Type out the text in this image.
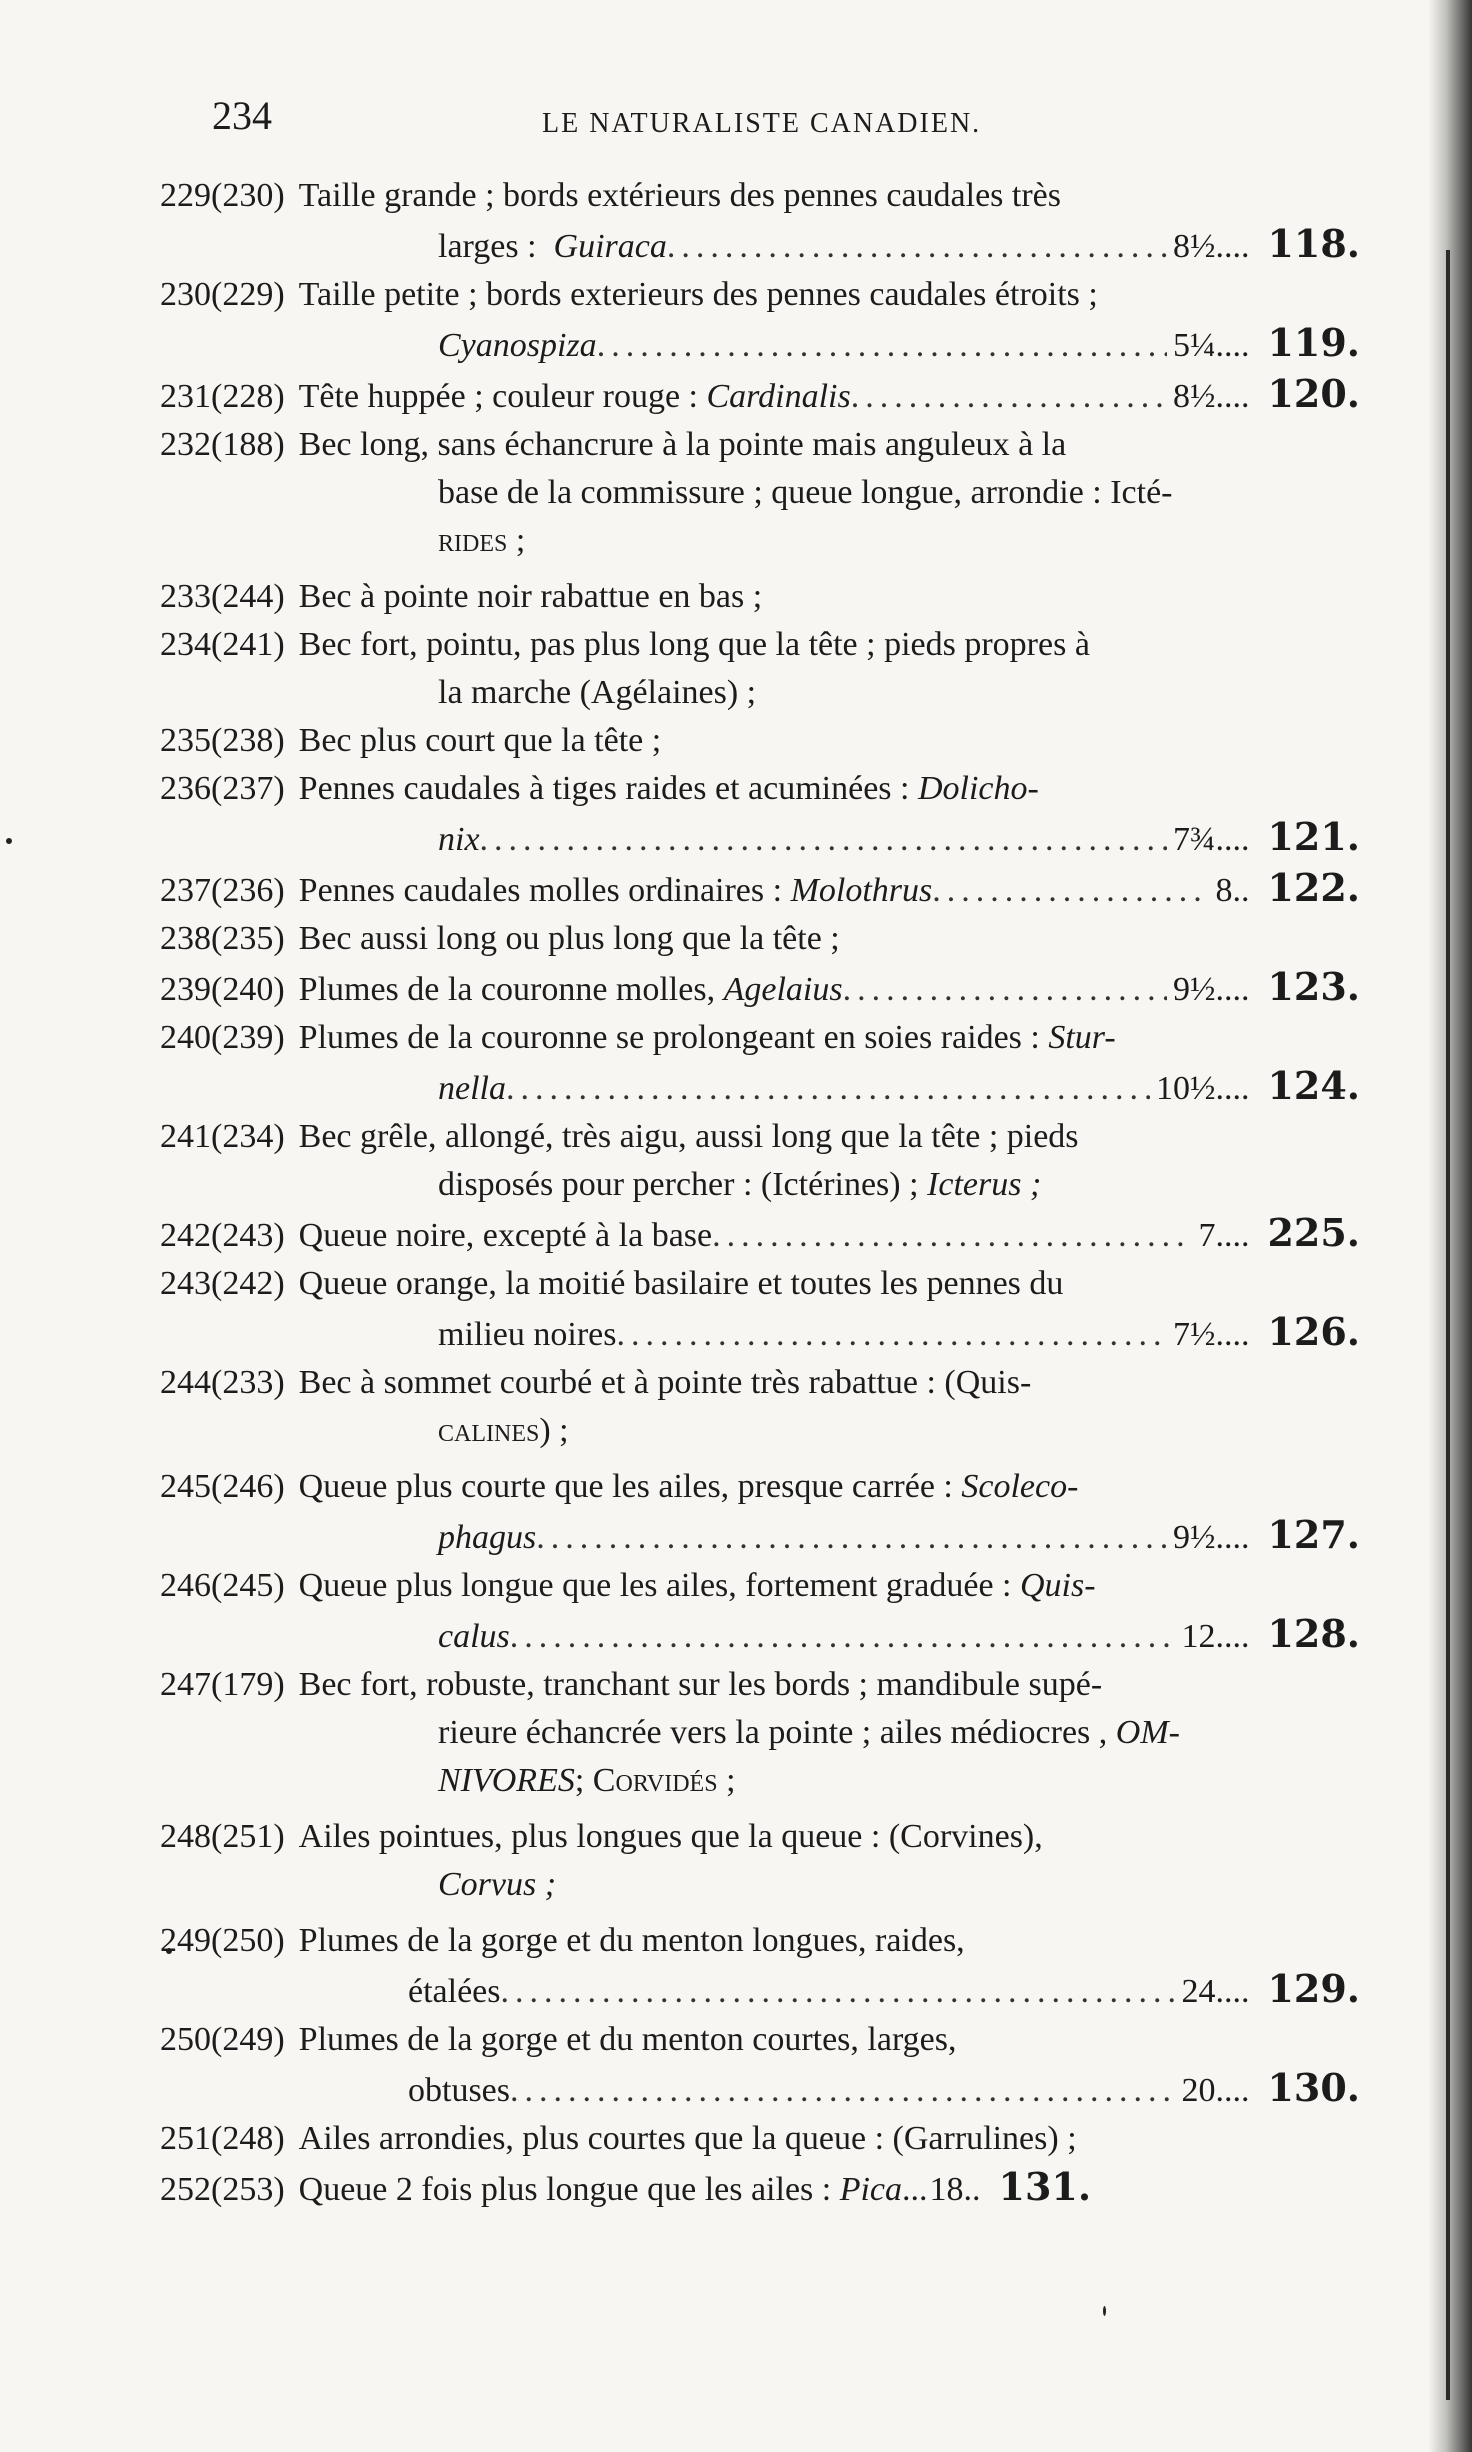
234	LE NATURALISTE CANADIEN.
229(230) Taille grande ; bords extérieurs des pennes caudales très
larges :
Guiraca .....	8½.... 118.
230(229) Taille petite ; bords exterieurs des pennes caudales étroits ;
Cyanospiza .....	5¼.... 119.
231(228) Tête huppée ; couleur rouge :
Cardinalis .....	8½.... 120.
232(188) Bec long, sans échancrure à la pointe mais anguleux à la
base de la commissure ; queue longue, arrondie : Icté-
rides ;
233(244) Bec à pointe noir rabattue en bas ;
234(241) Bec fort, pointu, pas plus long que la tête ; pieds propres à
la marche (Agélaines) ;
235(238) Bec plus court que la tête ;
236(237) Pennes caudales à tiges raides et acuminées :
Dolicho-
nix .....	7¾.... 121.
237(236) Pennes caudales molles ordinaires :
Molothrus .....	8.. 122.
238(235) Bec aussi long ou plus long que la tête ;
239(240) Plumes de la couronne molles,
Agelaius .....	9½.... 123.
240(239) Plumes de la couronne se prolongeant en soies raides :
Stur-
nella .....	10½.... 124.
241(234) Bec grêle, allongé, très aigu, aussi long que la tête ; pieds
disposés pour percher : (Ictérines) ;
Icterus ;
242(243) Queue noire, excepté à la base .....	7.... 225.
243(242) Queue orange, la moitié basilaire et toutes les pennes du
milieu noires .....	7½.... 126.
244(233) Bec à sommet courbé et à pointe très rabattue : (Quis-
calines) ;
245(246) Queue plus courte que les ailes, presque carrée :
Scoleco-
phagus .....	9½.... 127.
246(245) Queue plus longue que les ailes, fortement graduée :
Quis-
calus .....	12.... 128.
247(179) Bec fort, robuste, tranchant sur les bords ; mandibule supé-
rieure échancrée vers la pointe ; ailes médiocres ,
OM-
NIVORES ; Corvidés ;
248(251) Ailes pointues, plus longues que la queue : (Corvines),
Corvus ;
249(250) Plumes de la gorge et du menton longues, raides,
étalées .....	24.... 129.
250(249) Plumes de la gorge et du menton courtes, larges,
obtuses .....	20.... 130.
251(248) Ailes arrondies, plus courtes que la queue : (Garrulines) ;
252(253) Queue 2 fois plus longue que les ailes :
Pica ... 18 .. 131.
